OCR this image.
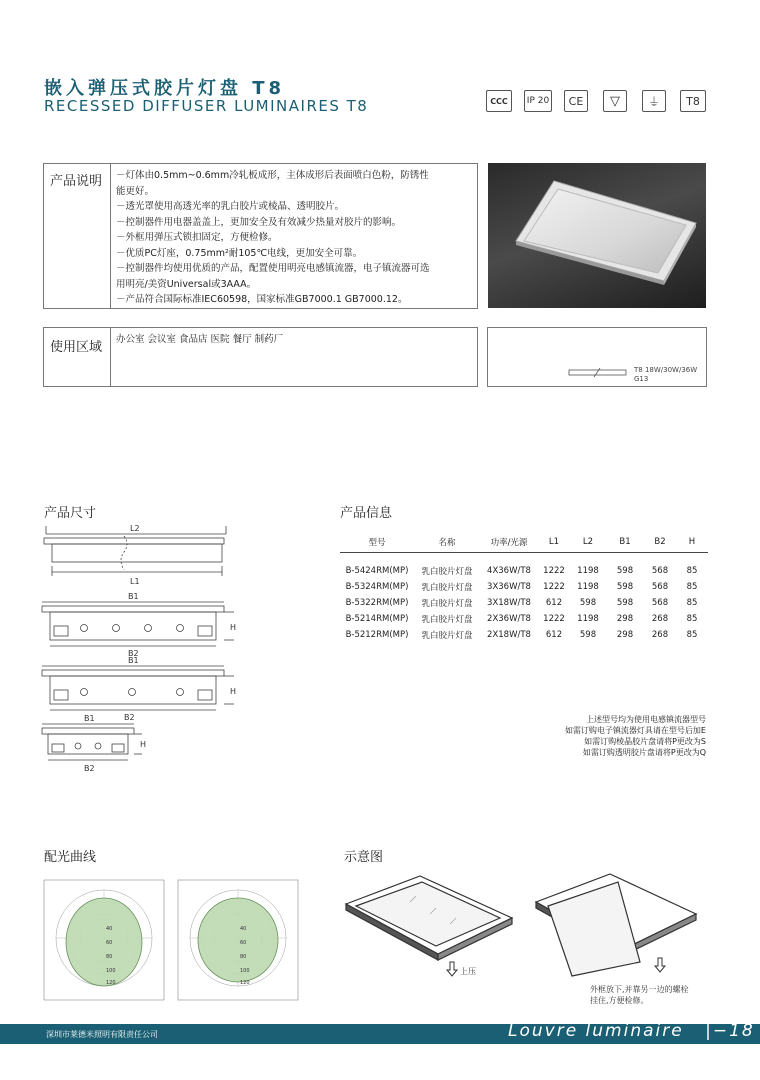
嵌入弹压式胶片灯盘 T8
RECESSED DIFFUSER LUMINAIRES T8	CCC IP 20 CE ▽ ⏚ T8
产品说明	－灯体由0.5mm~0.6mm冷轧板成形，主体成形后表面喷白色粉，防锈性
能更好。
－透光罩使用高透光率的乳白胶片或棱晶、透明胶片。
－控制器件用电器盖盖上，更加安全及有效减少热量对胶片的影响。
－外框用弹压式锁扣固定，方便检修。
－优质PC灯座，0.75mm²耐105℃电线，更加安全可靠。
－控制器件均使用优质的产品，配置使用明亮电感镇流器，电子镇流器可选
用明亮/美资Universal或3AAA。
－产品符合国际标准IEC60598，国家标准GB7000.1 GB7000.12。
使用区域
办公室 会议室 食品店 医院 餐厅 制药厂
T8 18W/30W/36W
G13
产品尺寸
L2
L1
B1
H
B2
B1
H
B2
B1
H
B2
产品信息
型号	名称	功率/光源	L1	L2	B1	B2	H

B-5424RM(MP)	乳白胶片灯盘	4X36W/T8	1222	1198	598	568	85
B-5324RM(MP)	乳白胶片灯盘	3X36W/T8	1222	1198	598	568	85
B-5322RM(MP)	乳白胶片灯盘	3X18W/T8	612	598	598	568	85
B-5214RM(MP)	乳白胶片灯盘	2X36W/T8	1222	1198	298	268	85
B-5212RM(MP)	乳白胶片灯盘	2X18W/T8	612	598	298	268	85
上述型号均为使用电感镇流器型号
如需订购电子镇流器灯具请在型号后加E
如需订购棱晶胶片盘请将P更改为S
如需订购透明胶片盘请将P更改为Q
配光曲线
40
60
80
100
120
40
60
80
100
120
示意图
上压
外框放下,并靠另一边的螺栓
挂住,方便检修。
深圳市莱德米照明有限责任公司	Louvre luminaire |−18
